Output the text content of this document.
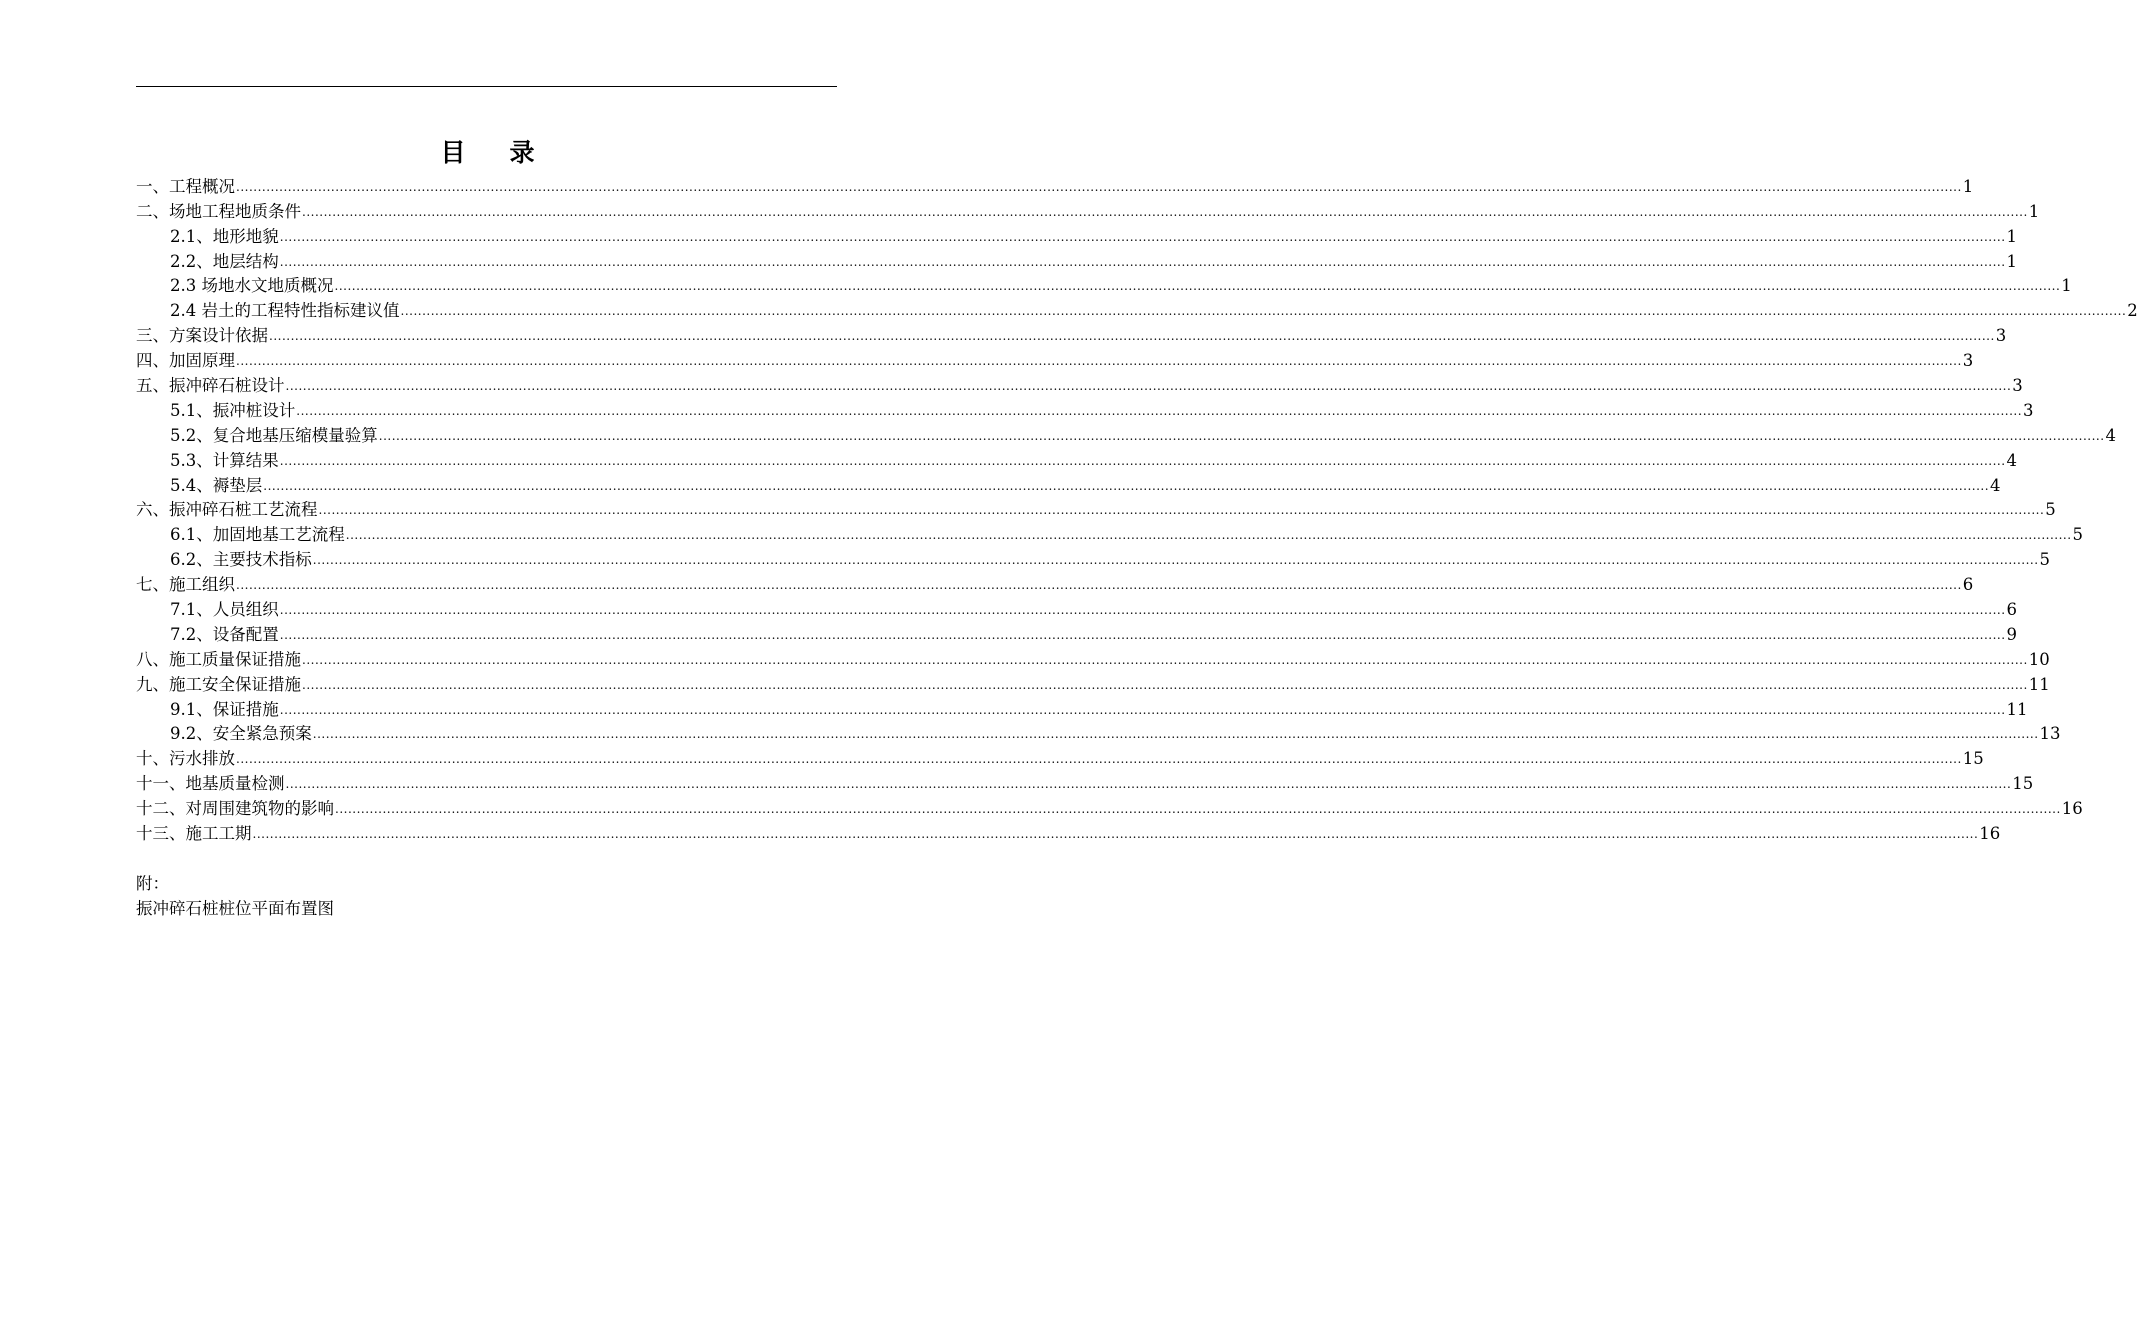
目 录
一、工程概况 ................................................................................................................................................................................................................................................................................................................................................................................................................ 1
二、场地工程地质条件 ................................................................................................................................................................................................................................................................................................................................................................................................................ 1
2.1、地形地貌 ................................................................................................................................................................................................................................................................................................................................................................................................................ 1
2.2、地层结构 ................................................................................................................................................................................................................................................................................................................................................................................................................ 1
2.3 场地水文地质概况 ................................................................................................................................................................................................................................................................................................................................................................................................................ 1
2.4 岩土的工程特性指标建议值 ................................................................................................................................................................................................................................................................................................................................................................................................................ 2
三、方案设计依据 ................................................................................................................................................................................................................................................................................................................................................................................................................ 3
四、加固原理 ................................................................................................................................................................................................................................................................................................................................................................................................................ 3
五、振冲碎石桩设计 ................................................................................................................................................................................................................................................................................................................................................................................................................ 3
5.1、振冲桩设计 ................................................................................................................................................................................................................................................................................................................................................................................................................ 3
5.2、复合地基压缩模量验算 ................................................................................................................................................................................................................................................................................................................................................................................................................ 4
5.3、计算结果 ................................................................................................................................................................................................................................................................................................................................................................................................................ 4
5.4、褥垫层 ................................................................................................................................................................................................................................................................................................................................................................................................................ 4
六、振冲碎石桩工艺流程 ................................................................................................................................................................................................................................................................................................................................................................................................................ 5
6.1、加固地基工艺流程 ................................................................................................................................................................................................................................................................................................................................................................................................................ 5
6.2、主要技术指标 ................................................................................................................................................................................................................................................................................................................................................................................................................ 5
七、施工组织 ................................................................................................................................................................................................................................................................................................................................................................................................................ 6
7.1、人员组织 ................................................................................................................................................................................................................................................................................................................................................................................................................ 6
7.2、设备配置 ................................................................................................................................................................................................................................................................................................................................................................................................................ 9
八、施工质量保证措施 ................................................................................................................................................................................................................................................................................................................................................................................................................ 10
九、施工安全保证措施 ................................................................................................................................................................................................................................................................................................................................................................................................................ 11
9.1、保证措施 ................................................................................................................................................................................................................................................................................................................................................................................................................ 11
9.2、安全紧急预案 ................................................................................................................................................................................................................................................................................................................................................................................................................ 13
十、污水排放 ................................................................................................................................................................................................................................................................................................................................................................................................................ 15
十一、地基质量检测 ................................................................................................................................................................................................................................................................................................................................................................................................................ 15
十二、对周围建筑物的影响 ................................................................................................................................................................................................................................................................................................................................................................................................................ 16
十三、施工工期 ................................................................................................................................................................................................................................................................................................................................................................................................................ 16
附：
振冲碎石桩桩位平面布置图
